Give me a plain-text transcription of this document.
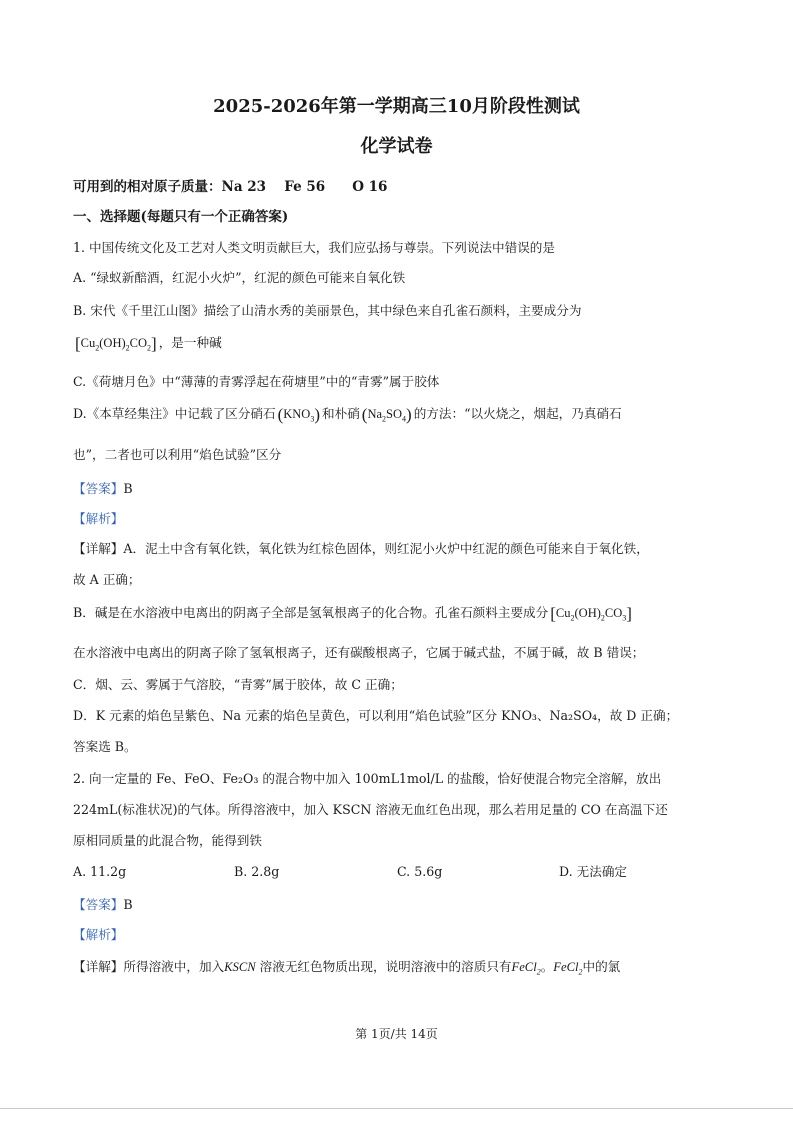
2025-2026年第一学期高三10月阶段性测试
化学试卷
可用到的相对原子质量：Na 23　 Fe 56　　O 16
一、选择题(每题只有一个正确答案)
1. 中国传统文化及工艺对人类文明贡献巨大，我们应弘扬与尊崇。下列说法中错误的是
A. “绿蚁新醅酒，红泥小火炉”，红泥的颜色可能来自氧化铁
B. 宋代《千里江山图》描绘了山清水秀的美丽景色，其中绿色来自孔雀石颜料，主要成分为
$[Cu_2(OH)_2CO_2]$ ，是一种碱
C.《荷塘月色》中“薄薄的青雾浮起在荷塘里”中的“青雾”属于胶体
D.《本草经集注》中记载了区分硝石 $(KNO_3)$ 和朴硝 $(Na_2SO_4)$ 的方法：“以火烧之，烟起，乃真硝石
也”，二者也可以利用“焰色试验”区分
【答案】B
【解析】
【详解】A．泥土中含有氧化铁，氧化铁为红棕色固体，则红泥小火炉中红泥的颜色可能来自于氧化铁，
故 A 正确；
B．碱是在水溶液中电离出的阴离子全部是氢氧根离子的化合物。孔雀石颜料主要成分 $[Cu_2(OH)_2CO_3]$
在水溶液中电离出的阴离子除了氢氧根离子，还有碳酸根离子，它属于碱式盐，不属于碱，故 B 错误；
C．烟、云、雾属于气溶胶，“青雾”属于胶体，故 C 正确；
D．K 元素的焰色呈紫色、Na 元素的焰色呈黄色，可以利用“焰色试验”区分 KNO₃、Na₂SO₄，故 D 正确；
答案选 B。
2. 向一定量的 Fe、FeO、Fe₂O₃ 的混合物中加入 100mL1mol/L 的盐酸，恰好使混合物完全溶解，放出
224mL(标准状况)的气体。所得溶液中，加入 KSCN 溶液无血红色出现，那么若用足量的 CO 在高温下还
原相同质量的此混合物，能得到铁
A. 11.2g	B. 2.8g	C. 5.6g	D. 无法确定
【答案】B
【解析】
【详解】所得溶液中，加入KSCN 溶液无红色物质出现，说明溶液中的溶质只有FeCl$_2$。FeCl$_2$中的氯
第 1页/共 14页
